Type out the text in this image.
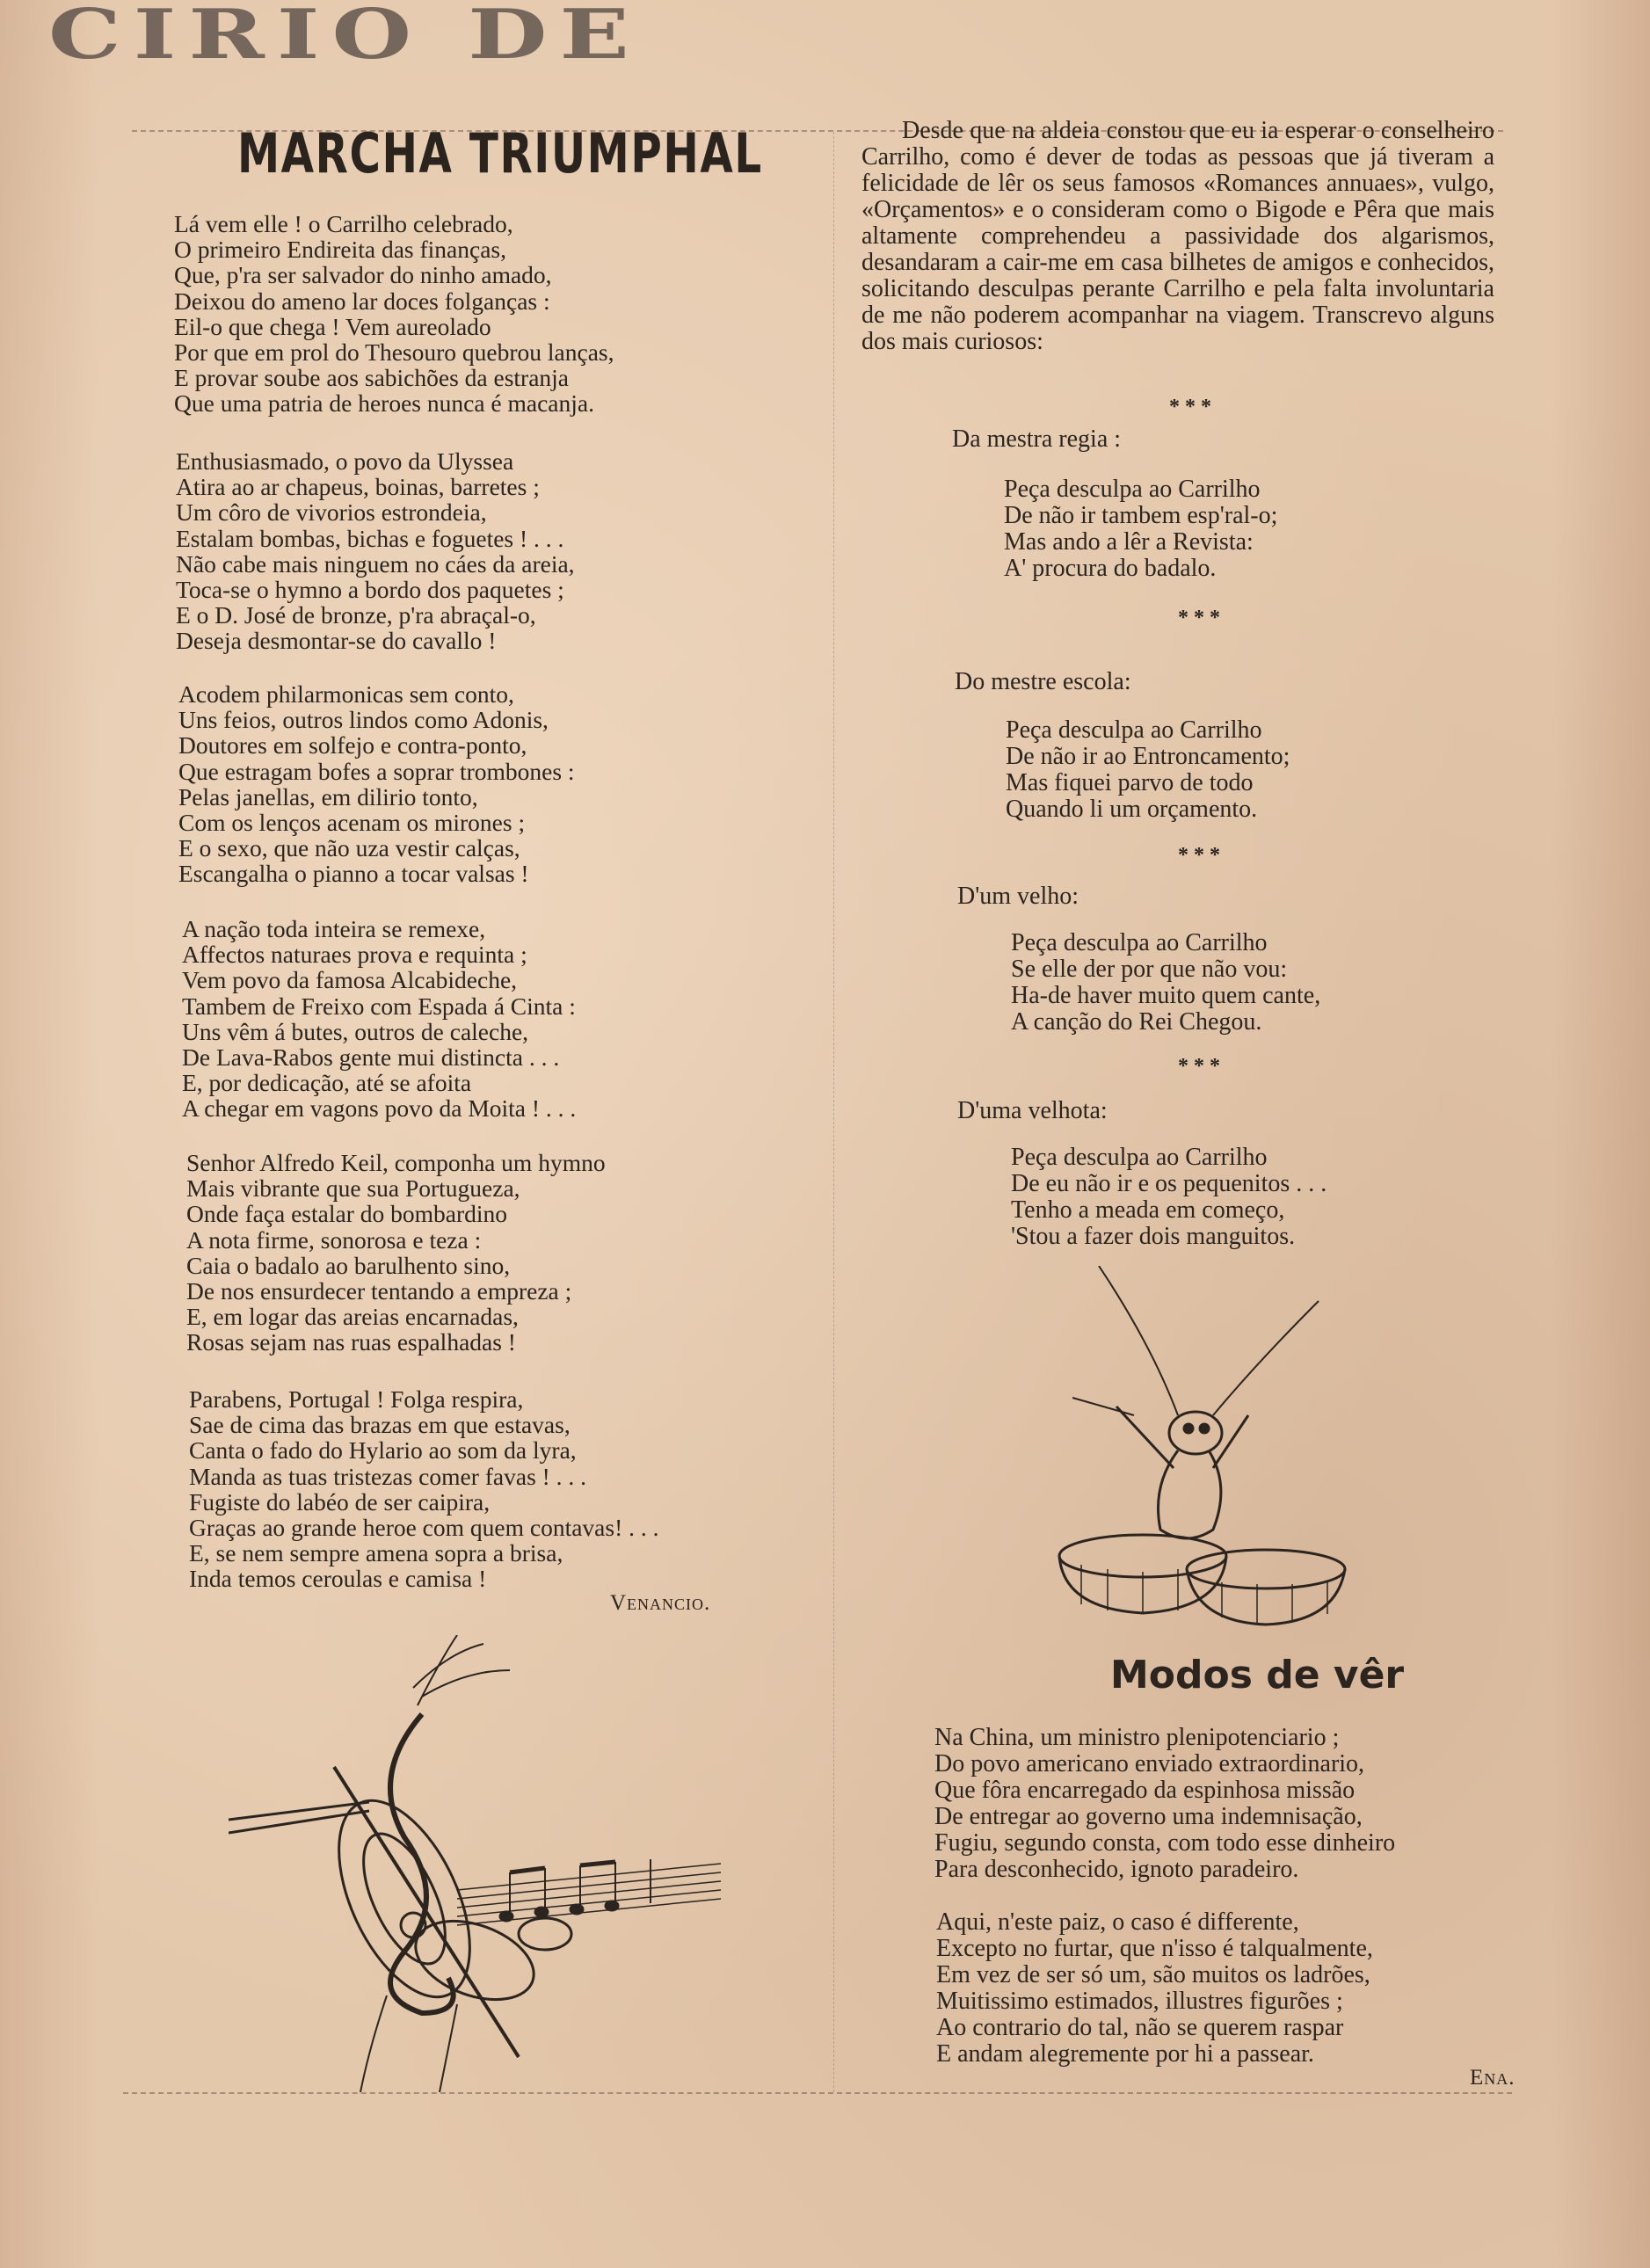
CIRIO DE
MARCHA TRIUMPHAL
Lá vem elle ! o Carrilho celebrado,
O primeiro Endireita das finanças,
Que, p'ra ser salvador do ninho amado,
Deixou do ameno lar doces folganças :
Eil-o que chega ! Vem aureolado
Por que em prol do Thesouro quebrou lanças,
E provar soube aos sabichões da estranja
Que uma patria de heroes nunca é macanja.
Enthusiasmado, o povo da Ulyssea
Atira ao ar chapeus, boinas, barretes ;
Um côro de vivorios estrondeia,
Estalam bombas, bichas e foguetes ! . . .
Não cabe mais ninguem no cáes da areia,
Toca-se o hymno a bordo dos paquetes ;
E o D. José de bronze, p'ra abraçal-o,
Deseja desmontar-se do cavallo !
Acodem philarmonicas sem conto,
Uns feios, outros lindos como Adonis,
Doutores em solfejo e contra-ponto,
Que estragam bofes a soprar trombones :
Pelas janellas, em dilirio tonto,
Com os lenços acenam os mirones ;
E o sexo, que não uza vestir calças,
Escangalha o pianno a tocar valsas !
A nação toda inteira se remexe,
Affectos naturaes prova e requinta ;
Vem povo da famosa Alcabideche,
Tambem de Freixo com Espada á Cinta :
Uns vêm á butes, outros de caleche,
De Lava-Rabos gente mui distincta . . .
E, por dedicação, até se afoita
A chegar em vagons povo da Moita ! . . .
Senhor Alfredo Keil, componha um hymno
Mais vibrante que sua Portugueza,
Onde faça estalar do bombardino
A nota firme, sonorosa e teza :
Caia o badalo ao barulhento sino,
De nos ensurdecer tentando a empreza ;
E, em logar das areias encarnadas,
Rosas sejam nas ruas espalhadas !
Parabens, Portugal ! Folga respira,
Sae de cima das brazas em que estavas,
Canta o fado do Hylario ao som da lyra,
Manda as tuas tristezas comer favas ! . . .
Fugiste do labéo de ser caipira,
Graças ao grande heroe com quem contavas! . . .
E, se nem sempre amena sopra a brisa,
Inda temos ceroulas e camisa !
Venancio.
Desde que na aldeia constou que eu ia esperar o conselheiro Carrilho, como é dever de todas as pessoas que já tiveram a felicidade de lêr os seus famosos «Romances annuaes», vulgo, «Orçamentos» e o consideram como o Bigode e Pêra que mais altamente comprehendeu a passividade dos algarismos, desandaram a cair-me em casa bilhetes de amigos e conhecidos, solicitando desculpas perante Carrilho e pela falta involuntaria de me não poderem acompanhar na viagem. Transcrevo alguns dos mais curiosos:
* * *
Da mestra regia :
Peça desculpa ao Carrilho
De não ir tambem esp'ral-o;
Mas ando a lêr a Revista:
A' procura do badalo.
* * *
Do mestre escola:
Peça desculpa ao Carrilho
De não ir ao Entroncamento;
Mas fiquei parvo de todo
Quando li um orçamento.
* * *
D'um velho:
Peça desculpa ao Carrilho
Se elle der por que não vou:
Ha-de haver muito quem cante,
A canção do Rei Chegou.
* * *
D'uma velhota:
Peça desculpa ao Carrilho
De eu não ir e os pequenitos . . .
Tenho a meada em começo,
'Stou a fazer dois manguitos.
Modos de vêr
Na China, um ministro plenipotenciario ;
Do povo americano enviado extraordinario,
Que fôra encarregado da espinhosa missão
De entregar ao governo uma indemnisação,
Fugiu, segundo consta, com todo esse dinheiro
Para desconhecido, ignoto paradeiro.
Aqui, n'este paiz, o caso é differente,
Excepto no furtar, que n'isso é talqualmente,
Em vez de ser só um, são muitos os ladrões,
Muitissimo estimados, illustres figurões ;
Ao contrario do tal, não se querem raspar
E andam alegremente por hi a passear.
Ena.
